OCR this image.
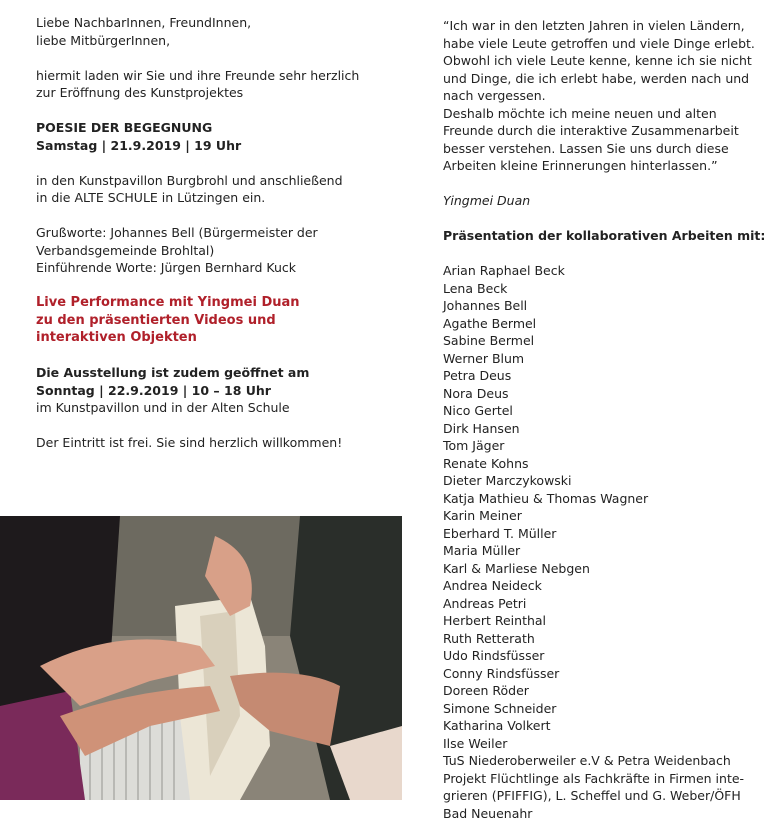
Liebe NachbarInnen, FreundInnen,

liebe MitbürgerInnen,

hiermit laden wir Sie und ihre Freunde sehr herzlich

zur Eröffnung des Kunstprojektes

POESIE DER BEGEGNUNG

Samstag | 21.9.2019 | 19 Uhr

in den Kunstpavillon Burgbrohl und anschließend

in die ALTE SCHULE in Lützingen ein.

Grußworte: Johannes Bell (Bürgermeister der

Verbandsgemeinde Brohltal)

Einführende Worte: Jürgen Bernhard Kuck

Live Performance mit Yingmei Duan

zu den präsentierten Videos und

interaktiven Objekten

Die Ausstellung ist zudem geöffnet am

Sonntag | 22.9.2019 | 10 – 18 Uhr

im Kunstpavillon und in der Alten Schule

Der Eintritt ist frei. Sie sind herzlich willkommen!

“Ich war in den letzten Jahren in vielen Ländern,

habe viele Leute getroffen und viele Dinge erlebt.

Obwohl ich viele Leute kenne, kenne ich sie nicht

und Dinge, die ich erlebt habe, werden nach und

nach vergessen.

Deshalb möchte ich meine neuen und alten

Freunde durch die interaktive Zusammenarbeit

besser verstehen. Lassen Sie uns durch diese

Arbeiten kleine Erinnerungen hinterlassen.”

Yingmei Duan

Präsentation der kollaborativen Arbeiten mit:

Arian Raphael Beck

Lena Beck

Johannes Bell

Agathe Bermel

Sabine Bermel

Werner Blum

Petra Deus

Nora Deus

Nico Gertel

Dirk Hansen

Tom Jäger

Renate Kohns

Dieter Marczykowski

Katja Mathieu & Thomas Wagner

Karin Meiner

Eberhard T. Müller

Maria Müller

Karl & Marliese Nebgen

Andrea Neideck

Andreas Petri

Herbert Reinthal

Ruth Retterath

Udo Rindsfüsser

Conny Rindsfüsser

Doreen Röder

Simone Schneider

Katharina Volkert

Ilse Weiler

TuS Niederoberweiler e.V & Petra Weidenbach

Projekt Flüchtlinge als Fachkräfte in Firmen inte-

grieren (PFIFFIG), L. Scheffel und G. Weber/ÖFH

Bad Neuenahr
